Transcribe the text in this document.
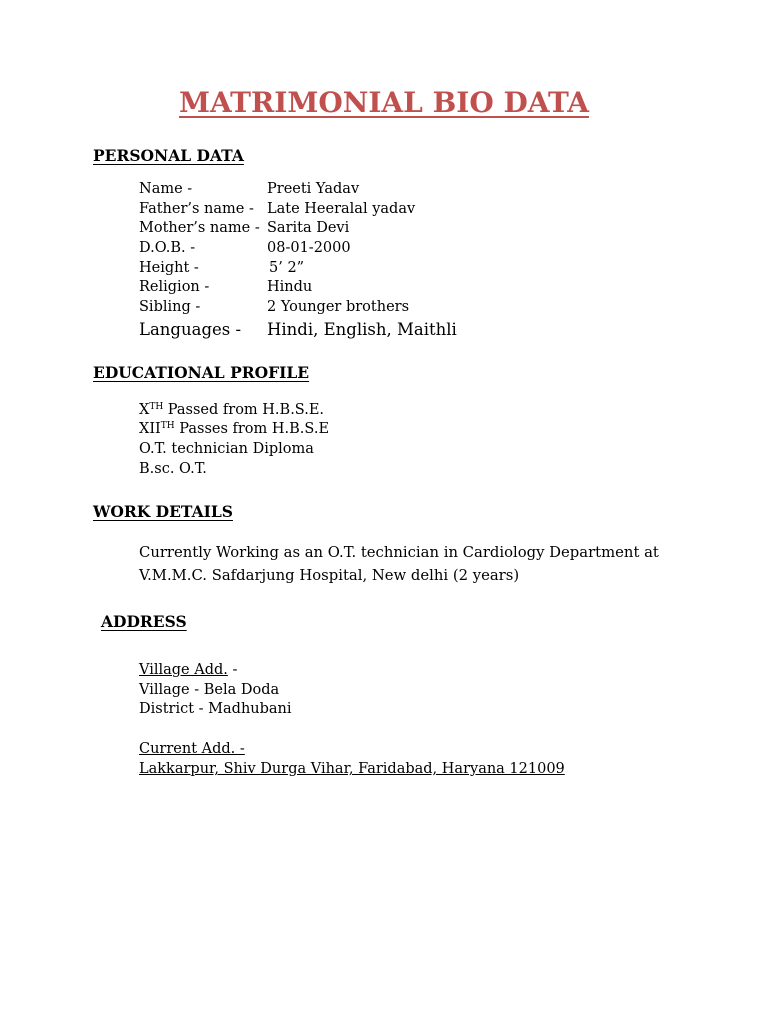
MATRIMONIAL BIO DATA
PERSONAL DATA
Name -	Preeti Yadav
Father’s name - Late Heeralal yadav
Mother’s name - Sarita Devi
D.O.B. -	08-01-2000
Height -	5’ 2”
Religion -	Hindu
Sibling -	2 Younger brothers
Languages - Hindi, English, Maithli
EDUCATIONAL PROFILE
XTH Passed from H.B.S.E.
XIITH Passes from H.B.S.E
O.T. technician Diploma
B.sc. O.T.
WORK DETAILS
Currently Working as an O.T. technician in Cardiology Department at
V.M.M.C. Safdarjung Hospital, New delhi (2 years)
ADDRESS
Village Add. -
Village - Bela Doda
District - Madhubani
Current Add. -
Lakkarpur, Shiv Durga Vihar, Faridabad, Haryana 121009
